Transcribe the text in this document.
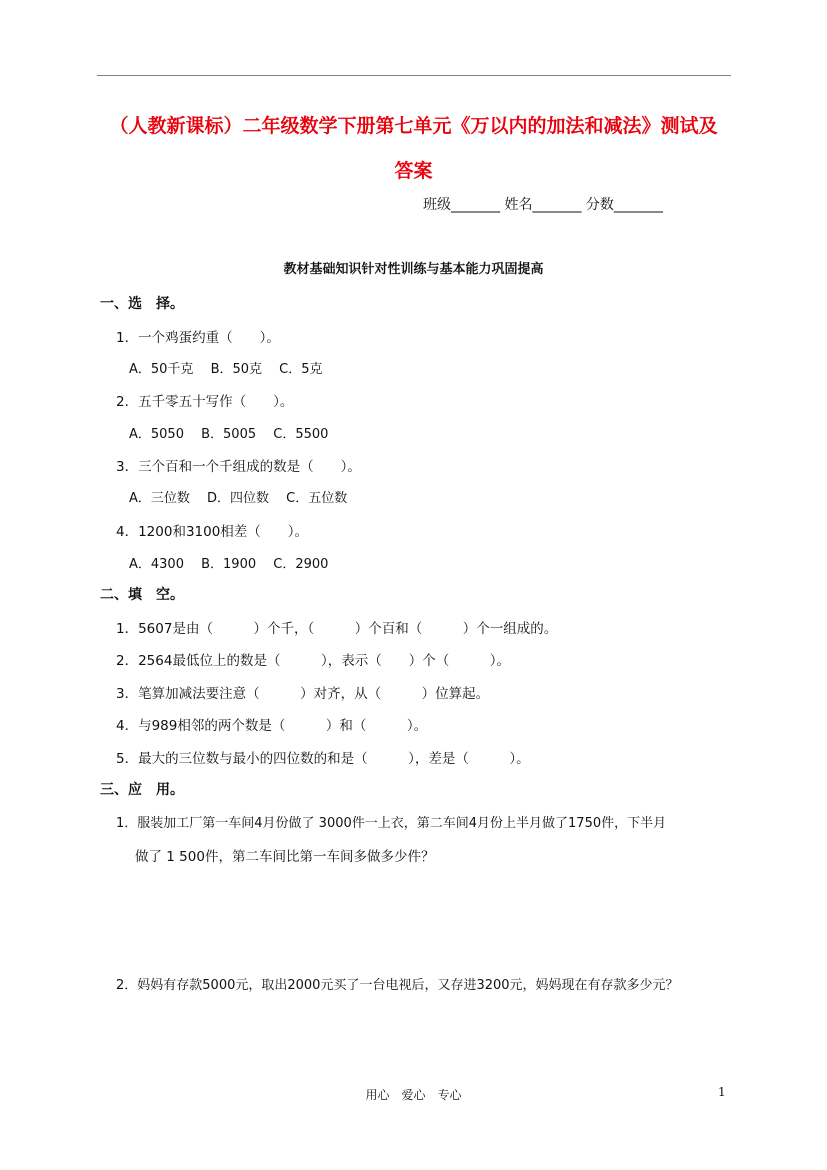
（人教新课标）二年级数学下册第七单元《万以内的加法和减法》测试及
答案
班级_______ 姓名_______ 分数_______
教材基础知识针对性训练与基本能力巩固提高
一、选　择。
1．一个鸡蛋约重（　　）。
A．50千克　 B．50克　 C．5克
2．五千零五十写作（　　）。
A．5050　 B．5005　 C．5500
3．三个百和一个千组成的数是（　　）。
A．三位数　 D．四位数　 C．五位数
4．1200和3100相差（　　）。
A．4300　 B．1900　 C．2900
二、填　空。
1．5607是由（　　　）个千，（　　　）个百和（　　　）个一组成的。
2．2564最低位上的数是（　　　），表示（　　）个（　　　）。
3．笔算加减法要注意（　　　）对齐，从（　　　）位算起。
4．与989相邻的两个数是（　　　）和（　　　）。
5．最大的三位数与最小的四位数的和是（　　　），差是（　　　）。
三、应　用。
1．服装加工厂第一车间4月份做了 3000件一上衣，第二车间4月份上半月做了1750件，下半月
做了 1 500件，第二车间比第一车间多做多少件？
2．妈妈有存款5000元，取出2000元买了一台电视后，又存进3200元，妈妈现在有存款多少元？
用心　爱心　专心	1
